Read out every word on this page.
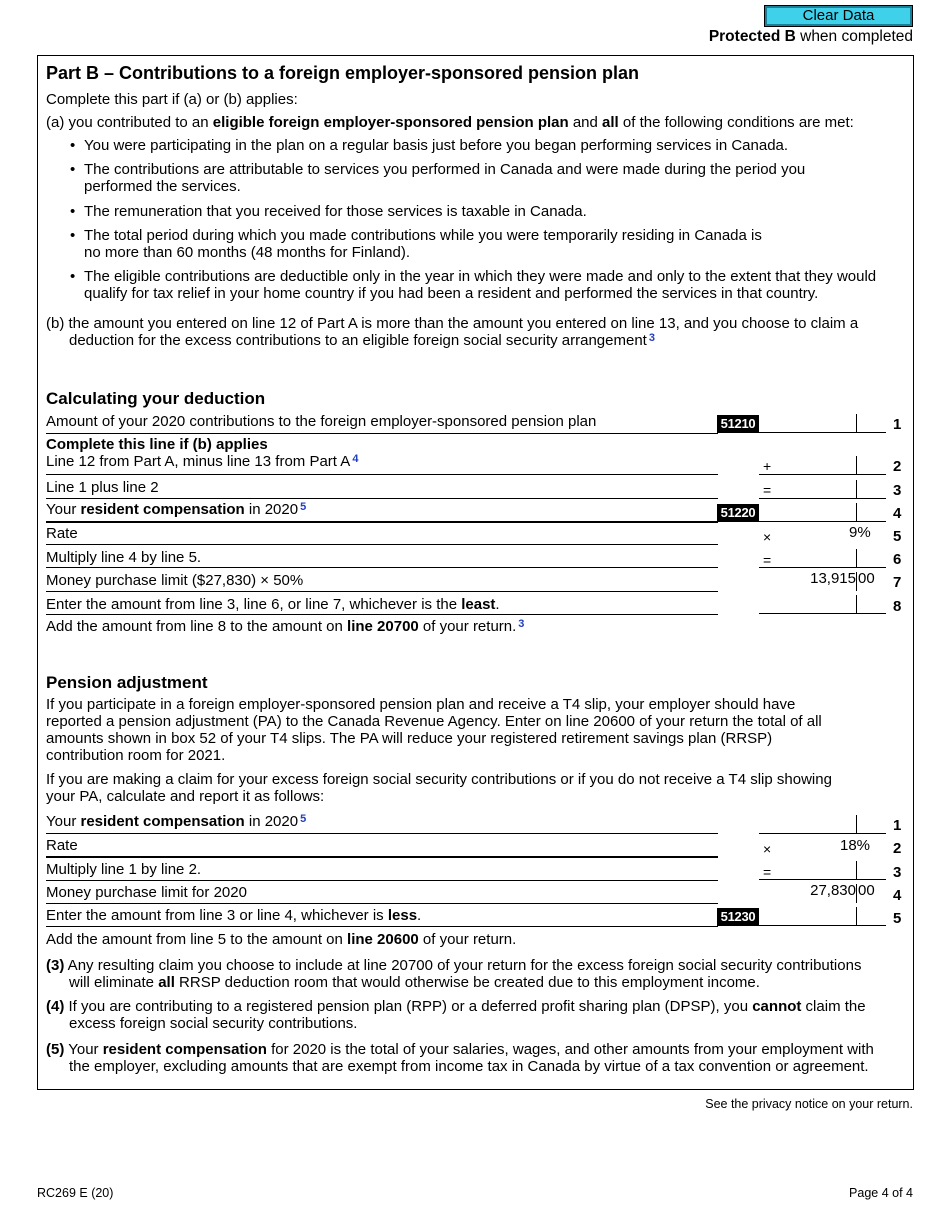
Clear Data
Protected B when completed
Part B – Contributions to a foreign employer-sponsored pension plan
Complete this part if (a) or (b) applies:
(a) you contributed to an eligible foreign employer-sponsored pension plan and all of the following conditions are met:
• You were participating in the plan on a regular basis just before you began performing services in Canada.
• The contributions are attributable to services you performed in Canada and were made during the period you
performed the services.
• The remuneration that you received for those services is taxable in Canada.
• The total period during which you made contributions while you were temporarily residing in Canada is
no more than 60 months (48 months for Finland).
• The eligible contributions are deductible only in the year in which they were made and only to the extent that they would
qualify for tax relief in your home country if you had been a resident and performed the services in that country.
(b) the amount you entered on line 12 of Part A is more than the amount you entered on line 13, and you choose to claim a
deduction for the excess contributions to an eligible foreign social security arrangement $^3$
Calculating your deduction
Amount of your 2020 contributions to the foreign employer-sponsored pension plan	51210	1
Complete this line if (b) applies
Line 12 from Part A, minus line 13 from Part A $^4$	+	2
Line 1 plus line 2	=	3
Your resident compensation in 2020 $^5$	51220	4
Rate	×	9% 5
Multiply line 4 by line 5.	=	6
Money purchase limit ($27,830) × 50%	13,915 00 7
Enter the amount from line 3, line 6, or line 7, whichever is the least.	8
Add the amount from line 8 to the amount on line 20700 of your return. $^3$
Pension adjustment
If you participate in a foreign employer-sponsored pension plan and receive a T4 slip, your employer should have
reported a pension adjustment (PA) to the Canada Revenue Agency. Enter on line 20600 of your return the total of all
amounts shown in box 52 of your T4 slips. The PA will reduce your registered retirement savings plan (RRSP)
contribution room for 2021.
If you are making a claim for your excess foreign social security contributions or if you do not receive a T4 slip showing
your PA, calculate and report it as follows:
Your resident compensation in 2020 $^5$	1
Rate	×	18% 2
Multiply line 1 by line 2.	=	3
Money purchase limit for 2020	27,830 00 4
Enter the amount from line 3 or line 4, whichever is less.	51230	5
Add the amount from line 5 to the amount on line 20600 of your return.
(3) Any resulting claim you choose to include at line 20700 of your return for the excess foreign social security contributions
will eliminate all RRSP deduction room that would otherwise be created due to this employment income.
(4) If you are contributing to a registered pension plan (RPP) or a deferred profit sharing plan (DPSP), you cannot claim the
excess foreign social security contributions.
(5) Your resident compensation for 2020 is the total of your salaries, wages, and other amounts from your employment with
the employer, excluding amounts that are exempt from income tax in Canada by virtue of a tax convention or agreement.
See the privacy notice on your return.
RC269 E (20)	Page 4 of 4
